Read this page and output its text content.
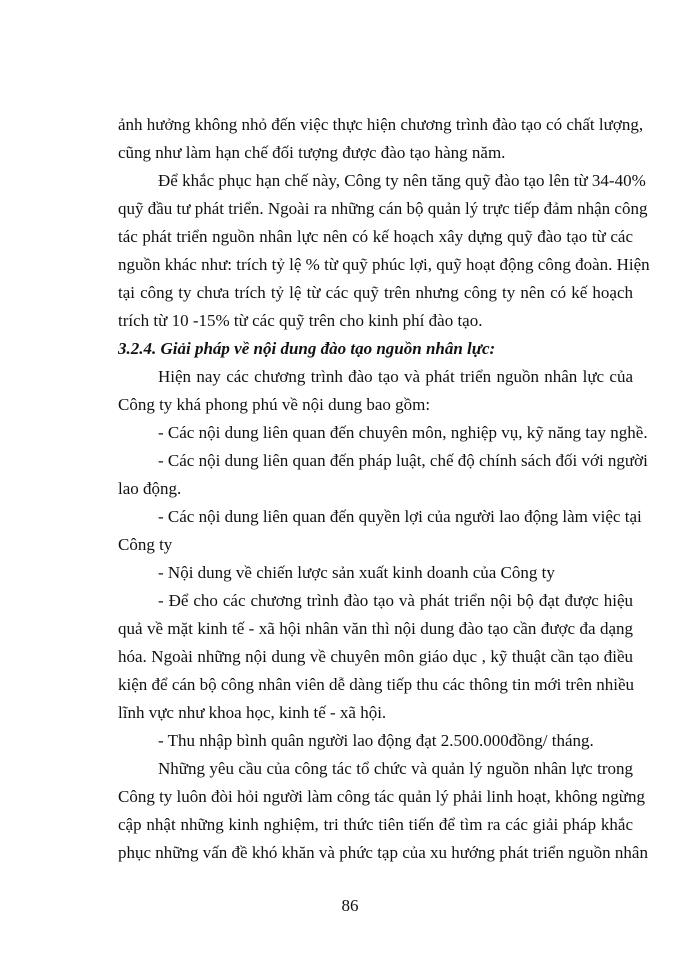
ảnh hưởng không nhỏ đến việc thực hiện chương trình đào tạo có chất lượng,
cũng như làm hạn chế đối tượng được đào tạo hàng năm.
Để khắc phục hạn chế này, Công ty nên tăng quỹ đào tạo lên từ 34-40%
quỹ đầu tư phát triển. Ngoài ra những cán bộ quản lý trực tiếp đảm nhận công
tác phát triển nguồn nhân lực nên có kế hoạch xây dựng quỹ đào tạo từ các
nguồn khác như: trích tỷ lệ % từ quỹ phúc lợi, quỹ hoạt động công đoàn. Hiện
tại công ty chưa trích tỷ lệ từ các quỹ trên nhưng công ty nên có kế hoạch
trích từ 10 -15% từ các quỹ trên cho kinh phí đào tạo.
3.2.4. Giải pháp về nội dung đào tạo nguồn nhân lực:
Hiện nay các chương trình đào tạo và phát triển nguồn nhân lực của
Công ty khá phong phú về nội dung bao gồm:
- Các nội dung liên quan đến chuyên môn, nghiệp vụ, kỹ năng tay nghề.
- Các nội dung liên quan đến pháp luật, chế độ chính sách đối với người
lao động.
- Các nội dung liên quan đến quyền lợi của người lao động làm việc tại
Công ty
- Nội dung về chiến lược sản xuất kinh doanh của Công ty
- Để cho các chương trình đào tạo và phát triển nội bộ đạt được hiệu
quả về mặt kinh tế - xã hội nhân văn thì nội dung đào tạo cần được đa dạng
hóa. Ngoài những nội dung về chuyên môn giáo dục , kỹ thuật cần tạo điều
kiện để cán bộ công nhân viên dễ dàng tiếp thu các thông tin mới trên nhiều
lĩnh vực như khoa học, kinh tế - xã hội.
- Thu nhập bình quân người lao động đạt 2.500.000đồng/ tháng.
Những yêu cầu của công tác tổ chức và quản lý nguồn nhân lực trong
Công ty luôn đòi hỏi người làm công tác quản lý phải linh hoạt, không ngừng
cập nhật những kinh nghiệm, tri thức tiên tiến để tìm ra các giải pháp khắc
phục những vấn đề khó khăn và phức tạp của xu hướng phát triển nguồn nhân
86
